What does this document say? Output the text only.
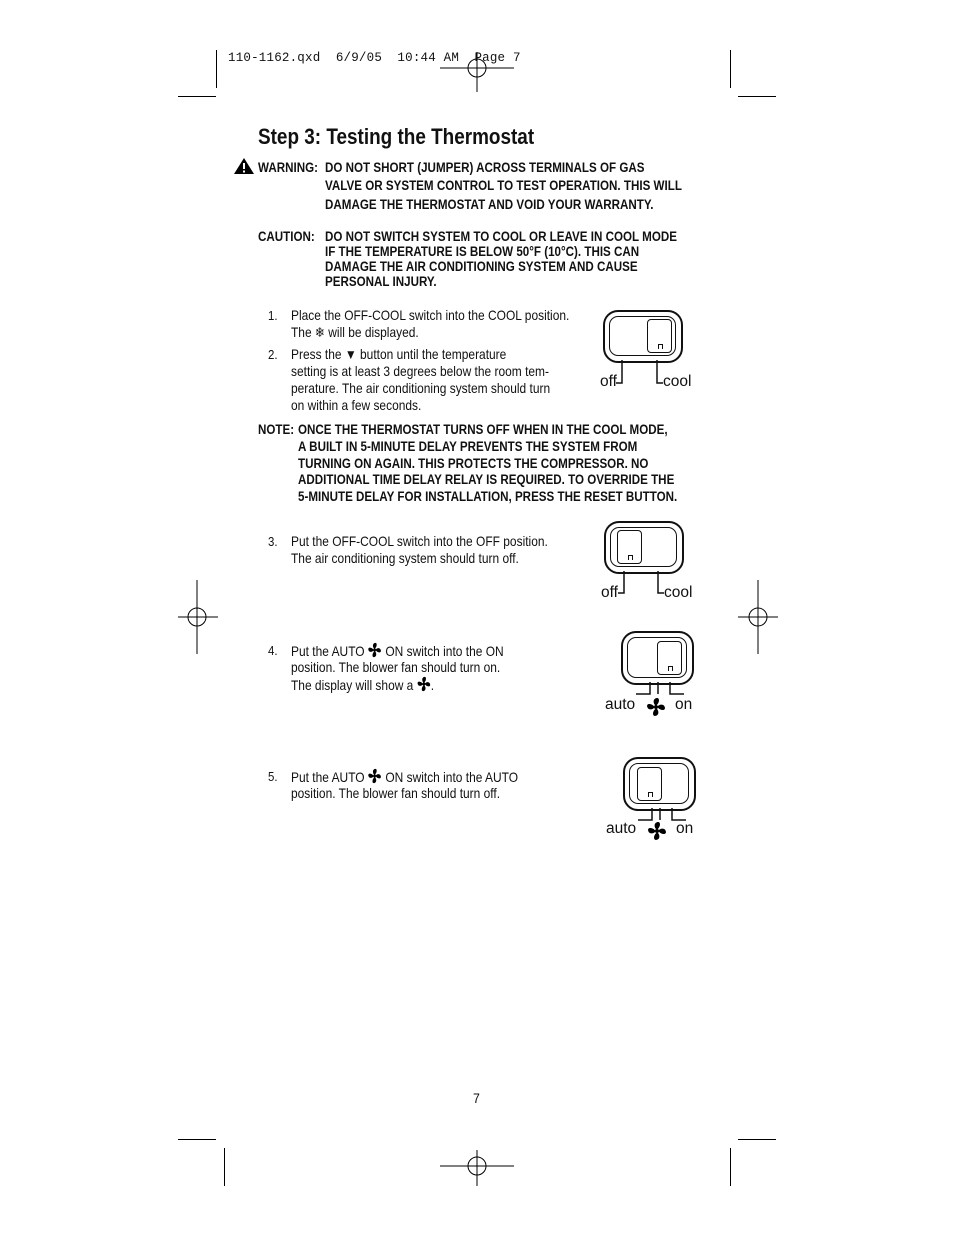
110-1162.qxd  6/9/05  10:44 AM  Page 7
Step 3: Testing the Thermostat
WARNING: DO NOT SHORT (JUMPER) ACROSS TERMINALS OF GAS
VALVE OR SYSTEM CONTROL TO TEST OPERATION. THIS WILL
DAMAGE THE THERMOSTAT AND VOID YOUR WARRANTY.
CAUTION: DO NOT SWITCH SYSTEM TO COOL OR LEAVE IN COOL MODE
IF THE TEMPERATURE IS BELOW 50°F (10°C). THIS CAN
DAMAGE THE AIR CONDITIONING SYSTEM AND CAUSE
PERSONAL INJURY.
1. Place the OFF-COOL switch into the COOL position.
The ❄ will be displayed.
2. Press the ▼ button until the temperature
setting is at least 3 degrees below the room tem-
perature. The air conditioning system should turn
on within a few seconds.
off	cool
NOTE: ONCE THE THERMOSTAT TURNS OFF WHEN IN THE COOL MODE,
A BUILT IN 5-MINUTE DELAY PREVENTS THE SYSTEM FROM
TURNING ON AGAIN. THIS PROTECTS THE COMPRESSOR. NO
ADDITIONAL TIME DELAY RELAY IS REQUIRED. TO OVERRIDE THE
5-MINUTE DELAY FOR INSTALLATION, PRESS THE RESET BUTTON.
3. Put the OFF-COOL switch into the OFF position.
The air conditioning system should turn off.
off	cool
4. Put the AUTO ON switch into the ON
position. The blower fan should turn on.
The display will show a .
auto	on
5. Put the AUTO ON switch into the AUTO
position. The blower fan should turn off.
auto	on
7
